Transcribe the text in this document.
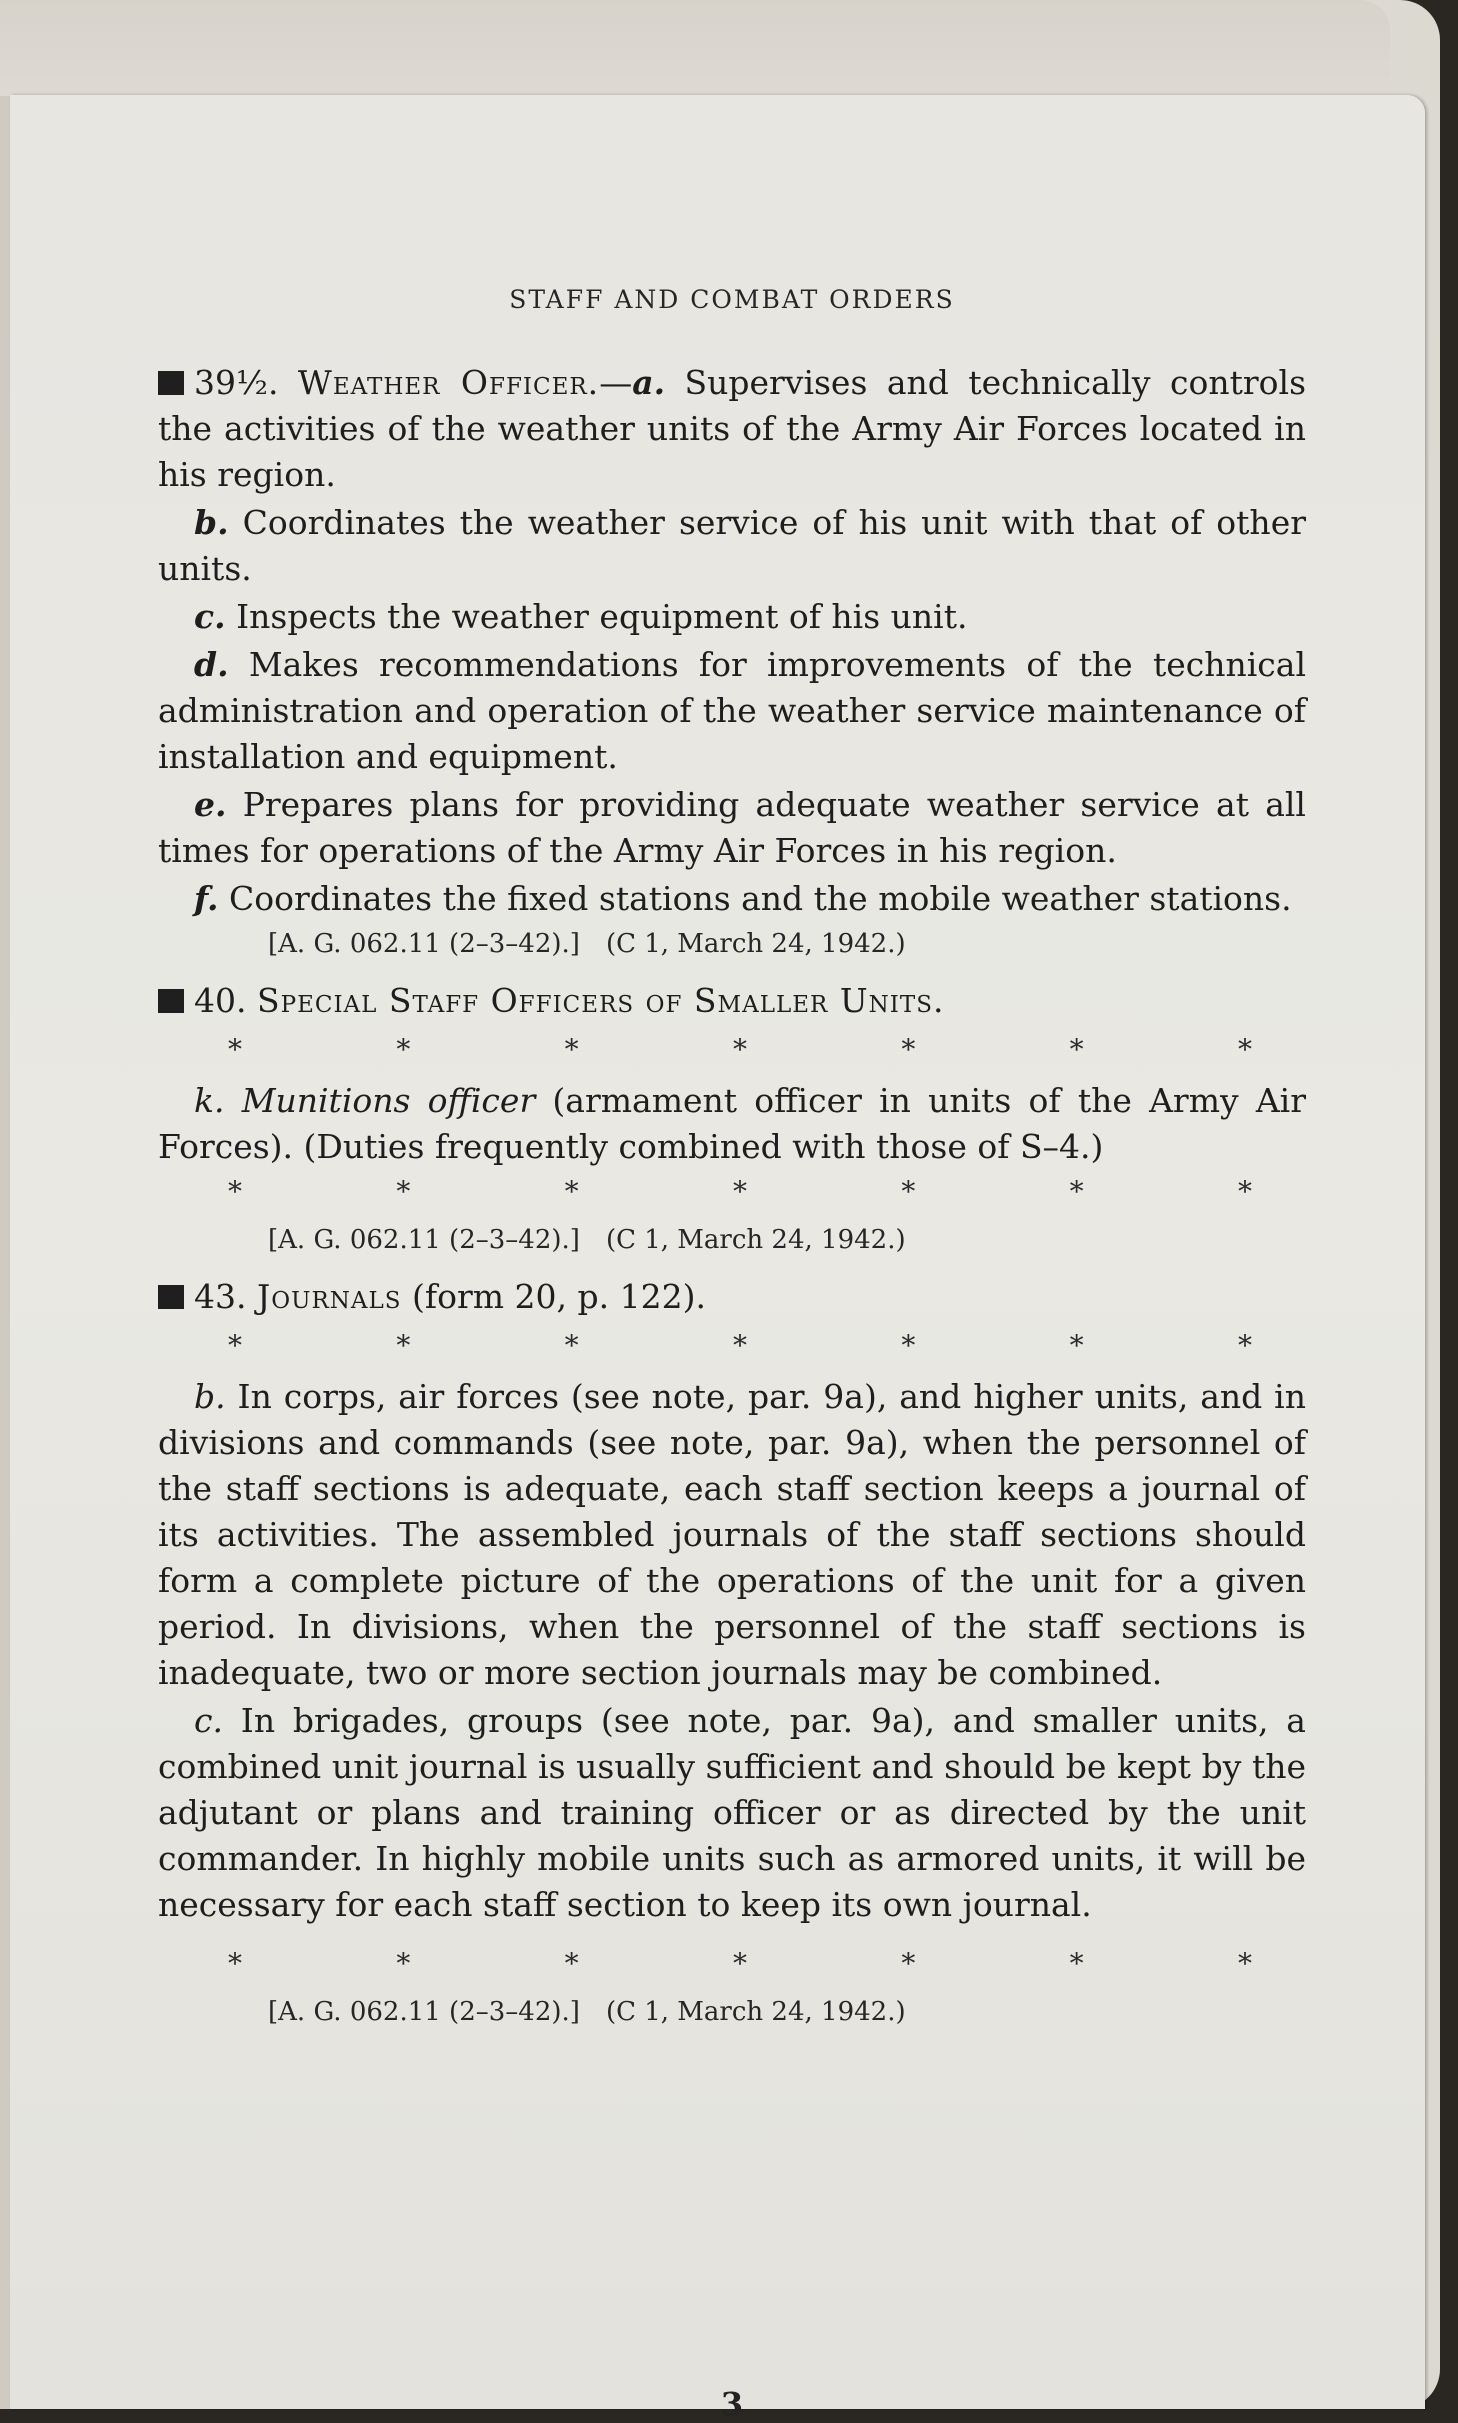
STAFF AND COMBAT ORDERS

39½. Weather Officer.—a. Supervises and technically controls the activities of the weather units of the Army Air Forces located in his region.

b. Coordinates the weather service of his unit with that of other units.

c. Inspects the weather equipment of his unit.

d. Makes recommendations for improvements of the technical administration and operation of the weather service maintenance of installation and equipment.

e. Prepares plans for providing adequate weather service at all times for operations of the Army Air Forces in his region.

f. Coordinates the fixed stations and the mobile weather stations.

[A. G. 062.11 (2–3–42).] (C 1, March 24, 1942.)
40. Special Staff Officers of Smaller Units.
*	*	*	*	*	*	*

k. Munitions officer (armament officer in units of the Army Air Forces). (Duties frequently combined with those of S–4.)

*	*	*	*	*	*	*
[A. G. 062.11 (2–3–42).] (C 1, March 24, 1942.)
43. Journals (form 20, p. 122).
*	*	*	*	*	*	*

b. In corps, air forces (see note, par. 9a), and higher units, and in divisions and commands (see note, par. 9a), when the personnel of the staff sections is adequate, each staff section keeps a journal of its activities. The assembled journals of the staff sections should form a complete picture of the operations of the unit for a given period. In divisions, when the personnel of the staff sections is inadequate, two or more section journals may be combined.

c. In brigades, groups (see note, par. 9a), and smaller units, a combined unit journal is usually sufficient and should be kept by the adjutant or plans and training officer or as directed by the unit commander. In highly mobile units such as armored units, it will be necessary for each staff section to keep its own journal.

*	*	*	*	*	*	*
[A. G. 062.11 (2–3–42).] (C 1, March 24, 1942.)
3
